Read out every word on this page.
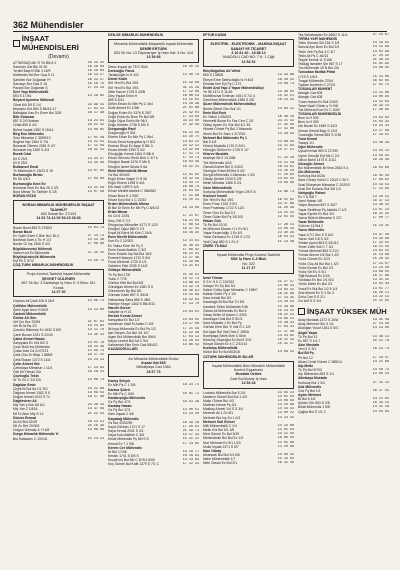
362 Mühendisler
İNŞAAT MÜHENDİSLERİ
(Devamı)
ATTARDAŞ Mü Yl Yk Blk 8 1	18 24 42
Saruhan Gat Blk 31 90	16 18 09
Yenikil Başt Ki Blk 4 16/9	16 18 64
Mühendis Md Bor Gşa S 11	16 13 27
Şahinler Bor Doğanlar Pr	16 13 17
Sarıdayı Bor Oda S 16	16 18 70
Pazarlı Bor Doğanlar Ş	17 24 33
Sevi Yapı Mühendislik
853 S 17/44	14 18 85
Beyazıt Ayrıntısı Mühendi
Cihat Kül Dif S 1/4	33 98 41
Beyazöz Ent 854 S Bk/16-17	17 01 41
Babağazi Kan Ev Emer Bul 32/5	18 17 38
Bilir Kalacasi
857 S 2/0 Bulvarı	14 23 91
Ortak 855 S 4/2	18 21 32
Birinci İnşaat 1382 S 16/14	14 00 65
Birg Eno Mühendis
Smy Mimarlar C 3559/13	17 01 48
Birgeat Yap 1364 S 7/A	14 22 53
Bulcanat Ökmen 2054 S 4/7	17 11 59
Bulcanet İnş 1359 S 4/3	18 32 41
Burak Cıtat
63 S 29/1	13 34 57
63 S 25/1	13 34 46
Bulkansel Emdi
Tk Mühendis K 15/23 S 15	14 07 92
Burhanoğlu Birlan
Ek Sk 4/1/1	17 04 08
Burhanoğlu Kent Ev
Borkansi Kent Ev Bar 26 3 2/3	14 21 58
Bora Mimar Tic Tarihler S 1/5	14 07 08
BORAN ISTAS
BORAN MİMARLIK MÜHENDİSLİK İNŞAAT TAAHHÜT
853 Sokak No: 27/103
14 63 74-14 00 53-15 28 83
Boran Bozü 853 S 27/803	14 63 74
Boran Bozü
Ev Yşlert Ewel C Bilir No1 Bl-3	27 14 73
Boriheat Ewel ş Tic H 1/3	14 13 38
Bozkır Gi İnş 1366 S 4/3	17 09 88
Büyükkuvvetçi Mühendi
Vatan Kurt Ev Mühendis	27 25 15
Büyükyüzdeçlik Mühendis
Eşf Pk C 67/2	14 59 75
ÇOŞ-TÜRK MİMARLIK-MÜHENDİSLİK
Proje-Kontrol-Taahhüt İnşaat Mühendisi
ŞEVKET GÜLENER
857 Sk No: 3 Saribahçe İş Hanı K: 5 Büro: 511 Konak
14 07 30
Ceyhan Ali Çizdi 10k 5 2b/1	14 00 73
Çeltikkır Mühendislik
Şehir Ayşe Arım H 50/9	14 13 80
Cankoti Mühendislik
Gebbe Ali Gün
Vef Çer Bur S2/54	21 07 61
Vef Bi Ali Bs 2/2	15 24 95
Çoruhlu Bilinmeş Ev 1632 S 8/5	14 11 76
Çarık Bozan 1331 S 22/40	14 30 41
Çakol Ahmet Hasan
Karşıyaka Ev Gül 8/2 S	14 01 78
Çeçe Bolü İnş Mühendis	18 24 38
Çotan Ada Ca 21/70/13	14 09 73
Çelik Gün Er Bilişi 1 885/5	16 27 25
Çelik Bozan 1372 S 11/A	14 24 13
Çetin Ahmet Gür
Çetinkaya Mimarlar 1 11/4	17 13 83
Geli Ali Yılmaz Gür	18 18 41
Çiçekoğlu Tekin
Ür Tu Ev C 31/120	14 08 73
Dağıklar Emin
Çiçek Bl Bul 5a 1/1 R/1	14 22 98
Dağıtan Ahmet 1382 S 5	14 09 54
Doğan Ahmet 2022 S 71	18 17 46
Dağdeviren Ali
Miy Yan ş Bul 1/6 A/1	23 28 44
Miy Yan 2 1/43A	14 37 56
Mf Fx Aker Miy S 13	21 21 43
Dicizer Emmal
Ali Ah Bot 32/09	18 14 51
Hit Zz Ret 20/303	25 16 39
Dolgun Gemalp & Yi 4/8	14 08 08
Durgu Mimarlık Mühendis Yi
Bul Kalacamı C 10/1/A	15 14 13
DEN-SE MİMARLIK-MÜHENDİSLİK
Mimarlık-Mühendislik-Müşavirlik İnşaat Mühendisi
DEMİR ERTÜRK
853 Sk No: 13 Özpınarıyer İş Hanı Kat: 4 No: 414
13 39 68
Deniz İnşaat Ipr 75 S 30/A	16 10 15
Denizoğlu Faruk
Tarakçıoğlu İs H 102	13 30 79
Demir Kadir
Sht Yeni Ev Bul 19/1	15 19 09
Sht Yeni Ev Bul 19/1	31 21 19
Ditte Kasım 1725 S 43/B	17 12 09
Dinç İnşaat Emin H	16 06 53
859 S 5/11	14 15 02
Dirtim Erkan Ev Mih Pş C 4b4	14 28 38
Dizik Ahmet Ev 1/9/b	21 01 88
Doğan Evlen Ev 1376 S 25/7	21 42 01
Doğit Enkin Av Bom Pk Bul 5/8	17 13 04
Doğu Oğuz Enkin Bir 94/1	33 23 50
Doğu İbrahim 1736 S Mh S	27 42 56
Durgunoğlu Rauf
Durgunoğlu H 301	16 11 44
Ekrem Ertan Ev Mih Pş C 8b4	15 10 75
Ercan Erkut Karşıyaka İş H 301	14 63 22
Eruhan Rüşü Ev Ayşe S Blk 3	23 12 11
Erkan Ahmet 1390 S 4/2	14 22 58
Erkuğoğlu Kemal 1651 S Blk 6	17 11 73
Erkan Güruslu Öndü Bırtı C 4/7 k	17 13 71
Ertuğrul Basat 1376 S Mh S	18 03 49
Ertuğrul İsmet Süsüz 5 6a	16 22 31
Ekim Mühendislik Mimar
Gz Bul 30/403	12 31 02
Ergül Ertan Valşel Yl H 06	18 12 44
Ergül Ekrem 1298 S 4/A	14 44 75
Erk Nadi 1499 S 4/A	16 08 74
Erhan Mecfid Atatürk C 386/282	21 03 42
Erkan Bora H 1 5/87	17 11 98
Erkan Kulu Bul 1 C 22/33	15 15 31
Erden Mühendislik Mimar
Bl Bul Sr Emin Ev Mh Pş C 8/4/13	16 13 08
Ertan Mimar
Kü Cd 6 12/01	17 21 07
Smy 206 S 7/1	18 21 03
Ertugrulan Mürselier 4271 S 12/3	17 08 53
Ertuğrul Oğuz 880 S 7/1	18 47 34
Erşat Ali Bornl Mi Kini C 24/A	18 16 35
Esen Mecfit Mühendislik
Kurt Ev 2 22/302	12 14 91
Ev Yalnız Ekre Hk Pş 3	31 30 44
Emin Karalı Atatürk C 5/3	17 09 42
Emin Süsülü İnş Bul Bul 18/2	16 21 41
Evrenel Hüseyin 1722 S 9/4	13 27 46
Fevzi Mehmet 1725 S 1/1	15 19 68
Gebelen Fikri 2035 S 14/2	14 21 01
Gültepe Mühendislik
Tk Pş Bul 17/8	21 40 01
Yolcu 2 77/5	16 11 73
Gürbüz Hitit Bul Bul 5/8	14 68 81
Gürdoğan Ahmet Ev 1381 S 5	14 32 78
Gürzonmer Bp Bul 8/1	16 40 91
Gürman Kadir 857 S 3/404	14 15 09
Hablanbaş Saha 856 S 4B/1	18 22 61
Harbiye Kepçe 1362 S Blk 8/31	17 13 70
Haruhi Gürsel
Valiçiler İs H 13	14 03 01
Hersek Kemal Ahmet
Karşıyaka Ev Bul 1/2	14 03 55
İnanılmaz Vasif M Adam C 4/5	14 17 08
İlk İnşa Mühendis Ev Bul Pş 1/3	17 21 44
İşsi Gerçen Zor Bul 4/1 4/0	15 22 48
İzgen Bul Mühendislik Bur 5/6/4	17 03 12
Kaçar Levent Bol Ad C 9/4	14 28 43
Kahraman Ekin Emir Cad 58/412	14 66 43
KAZANOĞULLARI
An Mimarlık-Mühendislik Grubu
İnşaat Gat 665
Mithatpaşa Cad 1364
18 67 73
Kamış Selçuk
Ev Mih Pş C 1 2/B	16 23 73
Karaca Şükrü
Ev Mih Pş C 3/40	16 01 71
Karakuşoğlu Mühendis
Gz Pş Bul 47/1	18 53 38
Karataş Hasan
Gz Pş Bul 47/1	14 00 51
Kars İnşaat 2 4/8	14 14 50
Kayadağ Mühendis
Gz Bul 4/302/39	18 19 16
Kaya Gökhan 1721 S 17	17 20 91
Kaya Kemal 2041 S 3/1	21 28 71
Kaya Kulu Atatürk C 3/6	14 17 33
Kesik Mühendis Pş Mh S 5	15 15 12
Kemal Ev 7 1 5/8	17 14 85
Kerem Cer Mühendis
Kt Bul 17/48	13 18 77
Keskin 1741 S 8/5 S	18 16 83
Koçak İnş Bul Mh C 8/ 8/1 5/06	14 14 84
Koç Gürsel Bul Kaltf 1379 S 7/1 C	17 12 41
EFTUR KASIM
ELEKTRİK - ELEKTRONİK - MAKİNA İNŞAAT SANAYİ VE TİCARET
4 16 81 40 - 18 88 14
ANADOLU CAD NO: 7 K: 1 Çiğli
14 54 52
Ekiçlitoğulları Ali Vehbi
853 S 13/808	13 33 88
Ebeyn Erbe Selevcisiğlu İs H 403	16 26 42
Elimdar İleri Eyl Pş C 172	14 06 73
Endel Aral Yapı 2 Yapar Mühendislikçi
Ye 98 1371 S 11/45	14 36 02
Muhittinchar Erdenar 1451 S 7/2-4	15 32 51
Demirhan Mühendislik 1385 S 2/8	16 23 33
Şüzer Mühendislik Mühendislikçi
Bemis Şirket Gen Bul 1/1	14 60 12
Emin Bul Emir
Ev Yolbul 1/26/203	16 46 10
Himmetli Bozar Ev Faz Cen C 2/1	23 21 42
Ödaçı Ayzen Ev Gür Bul 4/1 3/1	27 35 58
Hilmek Gürsel Pş Bul 2 Altınordu	17 11 80
Semir Bul Ev Sam 1 2/723/1	14 28 43
Mehmet Bul Mühendis Pş 1
Bal 5 1/4	13 08 95
Hüsnü Mustafa 1715 S 20/1	13 11 83
Hünoğlu Gülüm Ev 1725 S 1/7	15 17 51
Hüsrev Mustafa
Atabeye Bir İl 1/12/68	17 22 18
Tek Mühendis 4/43	15 11 18
Osmali Ahmet Bel S 2/403	18 23 61
Özengöz Ertan Bil Bul 5 4/2	13 10 10
Sezgül Mühendis 1 Altınordu 1 3/0	17 20 84
Özbay Şevket 2034 S 2/5	14 01 44
Metin Mümtaz 1366 S 2/1	14 09 08
Özen Mühendislik
Kurtuluş Mühendislik Yılgın 2/8 S 5	12 86 73
Kısıkşer İsmail
Sht Yeni Ev Bul 19/1	16 01 82
Enes Pınar 1315 S 5/1	23 37 89
İnan Pınarbaşı 1722 S 12/1	21 20 48
Ömer Gün Ev Bul 2/1	14 25 55
Ömer Güler Bul Pş 10/103	12 01 44
Hakan Gün
Tk Pş Bul 12/10	17 26 14
İle Mehmet Ekmen H 1 Ev 5/1	14 00 34
Yaşar Keçecioğlu 1 Ev 6/1	23 30 26
Yasin Gencasu Ev 1745 S 17/3	16 03 33
Yedi Çizgi 850 S 1 Ev Z	11 13 48
İZMEK YILMAZ
İnşaat Mühendisi Proje-Kontrol-Taahhüt
SSK İş Hanı C-3 Blok
No: 322
11 27 37
İzmir Yılmaz
S S K H K C 3 B/322	11 27 37
Kalaycı Ev Ey Bul 5/1	14 00 33
Kaleci Güleç Ayşe Mimarlar C 198/C	14 04 22
Kalkan Sefer Pş 4 1/5	18 25 86
Kara İsmail Bul 5/1	17 13 35
Karabağlı Bt Bul Bul 7/1 8/1	14 10 03
Karabek Selim Mühendis 5 6b	13 18 66
Özkan Ali Mühendis Ev Bul 6	15 14 55
Öztaş Selim M Adam C 4/9/3	16 22 51
Karakaya Ünal Bul S 5/1/1	14 09 21
Kara Mustafa 1 Ev Bul Pş	15 38 31
Gürhan Emir Bul Yl Vali Ö 1 1/6	17 04 41
Kol Ayşe Bul Vali Orta C 185/A	17 17 40
Eşrefpaşa Selek Bırtı C 6b/b	14 24 82
Kurtuluş Okçeoğlu Ev Bul 5 2/11	16 12 43
Kürşat Gürsel Ev 4 C 2/10/14	15 31 17
Kurtuluş Mühendislik
Kültür Bul Ev Bul 803/18	14 06 52
ÖZTÜRK MÜHENDİSLİK BÜ-KR
İnşaat Mühendislik Büro Mimarlık Mühendislik Kontrol Eşzamanlı
Mustafa Öztürk
Gazi Bul Bulvar İş Hanı
14 54 28
Lodoslu Mühendis Bor 5 2/4	13 64 33
Madenci Gürsel Bul Bul 1 4/3	14 01 03
Mafçı Gürsel Bul 4/3	14 06 58
Mahmut Kemal Pş 3/1	13 24 66
Makkay Ahmet 1/4 S S 3/4	14 44 54
Mehmet Ali 1 Ev 8/1	13 00 22
Mehmet Bul İnş Sn 1 4/3	14 14 42
Mehmet Sait Gürsel
Milli Mühendislik C 1/4	14 23 08
Metin Kül Bul 5/1 4/5	13 01 94
Mert Güneri Ev Bul 5/19	14 11 55
Mühendislik Bul Bul Ev 1/3	16 09 58
Nuri Mehmet Ev 5/1 1/23	14 05 08
Mutlu İnşaat 1371 S 5/7	13 20 66
Naci Özbay
Alsancak Bul Bul 1/4 6/5	14 00 34
Naim Mühendislik 1/7	15 19 84
Nebi Özkan Ev Bul 2/1	18 31 40
Teş Sekizbaşları Ev 265/2 S 11/4	27 24 67
TERRA YAPI MÜHENDİS
Tekin Sürsan Gül 154 S 1/5	14 19 81
Sancal Ayn Bors Ev Bul 1/2	14 11 88
Tekin Vek Pş Bul 4 C 3/7	14 02 88
Tekin Ali Pş C 46/13	17 24 32
Teyyfe Kemal 11 S 6/8	21 38 43
Tekdağ İsmalter Şm 967 S 17	15 01 92
Ton Mühendis 15 N Bul 2/6	14 06 45
Tuncahan Mutfak Fitrat
1719 S 1/4/4	15 23 09
Tongal Mühendis 270/4	16 02 65
Toplam Nurtekin C 272/4	17 01 75
TOSUNLAR MÜHENT
Alangin Gat 408	14 15 80
Alangin Gat 408	14 00 95
Turan Hakan Ev Bul 216/C	13 12 64
Taner Nazif Gürsh ş Yr 9/8	16 32 14
Tok Mühend Kon Ev C 3/A9	17 26 95
TOSUNLAR MÜHENDİSLİK
Bmn İs H 309	14 63 02
Bmn İs H 309	15 04 33
Ulu Burak Ev 1849 S 34/3	14 44 31
Ümran Kemal Başı S 12/4	13 17 08
Turanoğlu Kemal 853 S 2/18	17 34 91
Tuna Kemal
Yarayıl 1/1	14 38 16
Uğur Mühendis
Uysal Kemal 853 S 27/290	13 55 12
Uyruk Gençlik Eşf Mk C 2/1	14 50 42
Ufkun Bahri 1475 S 1/111	16 34 48
Ulusoğlu Ahmet
Bul Mühendislik Bl Hına 2816 S 4	16 03 60
Ulu Mühendis
Kurtuluş Bul 6/2/A	18 45 44
Sara Güney Inönü C 220/2 C Bl 2	17 09 92
Ünal Süleyman Mimarlar C 2020/3	14 43 53
Ünal Sel Kudunu Bul 3/6 1/4	17 12 84
Vahipoğlu Rahmi
Ev Y Ş 5/8 7	13 28 52
Varol Hakan 1/8	16 37 13
Yalçın Beyhan 857 S 3/57	14 36 32
Yaşar Sedhivar Pş Atatürk C 1/2	13 07 23
Yaşar Eşrefe Ev Bul 3/3	18 31 35
Yavuz Bülent Mimarlar C 2/C	17 00 77
Yazar Mühendis
Yıldırım 13 Bul 2	15 14 25
Yazıcı Mühendis
Yaşa 1/7/1 Sec S S A/3	14 37 38
Yazıcı Sait 1/5 S 3/2	14 10 08
Yeldan Aydın 853 S 34/112	17 32 55
Yener Zafer Bül C 7 3/1	18 11 45
Yılmaz Mehmet 854 S 21/1	14 61 15
Yılmaz Ahmet 1/4 Bul 1 4/2	21 13 09
Yıldız Gürsel Ev 1/23	15 20 42
Yıldız Güç Ali Bul Bul 1 4/3	17 14 07
Yıldız Kemal Ev Bul 2/1	13 24 30
Yıldız Sel Ev S 5/1	14 09 55
Yiğit Bozkurt Ev 10/A	16 17 86
Yurdakul Ev Bul 2/1 B/3	13 31 42
Yürük Metin Ev Bul 2/1	13 04 44
Yusuf Ev Bul Bul 1/2 5 1/4	14 01 77
Zeki Ahmet Ev S 3 Sn 3	16 20 11
Zorlu Can S S 2/1	14 22 11
Zor Arif S S 1/4	15 11 63
İNŞAAT YÜKSEK MÜH
Akay Mustafa 1372 S 15/A	14 45 48
Akay Mehmet Gür 4 1/1	27 14 49
Akdoğan Yusuf 1361 S 5/C	14 13 09
Akgül Yaşar
Tk Pş Bul 13	14 48 13
Ev 857 S 1/1-7	16 11 79
Akın Mustafa
Yeni 2 S 3/1	16 23 74
Bul Bil Pş
Pir Bul 12	17 18 47
Alkan Cemil Gürsel C 388/14	14 21 66
Alp Metin
Tk Pş Bul 5/703	14 58 73
Alp Mühendis 853 S 1/1	14 09 14
Altınkaya Mustafa
Kurtuluş Bul 1 3/4	27 15 12
Atık Mühendis
Göz Pş Bul 1/1	16 27 55
Aydın Mehmet
Bl Bul 5 1/6	14 11 02
Ayhan Gür 853 S 2/8	18 34 12
Bolat Mühendis 1 5/8	14 31 18
Çağlar Bul S 1/1 C	14 04 84
